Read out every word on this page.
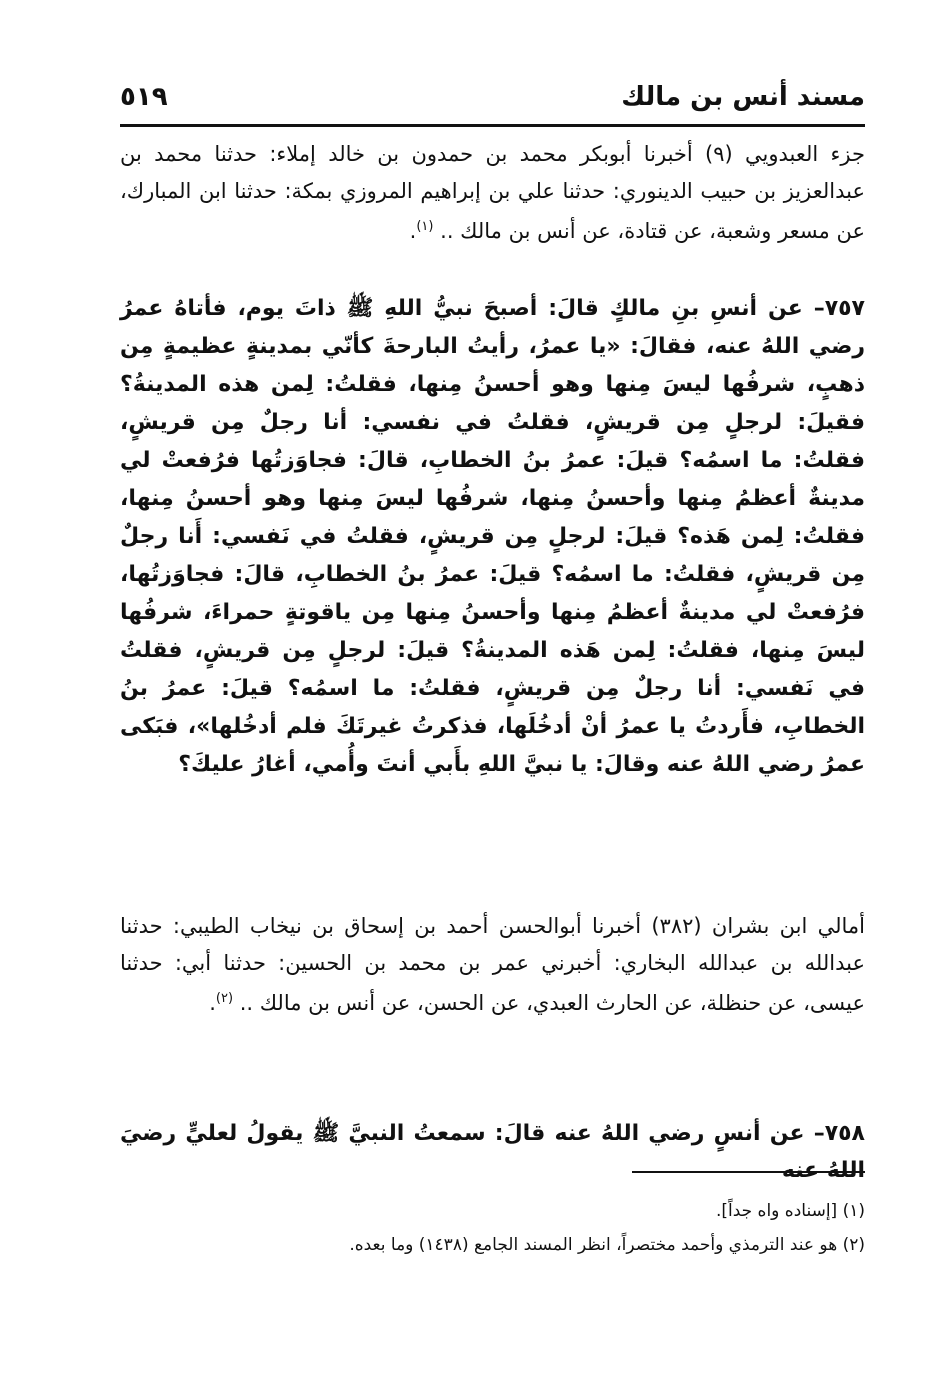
مسند أنس بن مالك
٥١٩
جزء العبدويي (٩) أخبرنا أبوبكر محمد بن حمدون بن خالد إملاء: حدثنا محمد بن عبدالعزيز بن حبيب الدينوري: حدثنا علي بن إبراهيم المروزي بمكة: حدثنا ابن المبارك، عن مسعر وشعبة، عن قتادة، عن أنس بن مالك .. $^{(١)}$.
٧٥٧– عن أنسِ بنِ مالكٍ قالَ: أصبحَ نبيُّ اللهِ ﷺ ذاتَ يوم، فأتاهُ عمرُ رضي اللهُ عنه، فقالَ: «يا عمرُ، رأيتُ البارحةَ كأنّي بمدينةٍ عظيمةٍ مِن ذهبٍ، شرفُها ليسَ مِنها وهو أحسنُ مِنها، فقلتُ: لِمن هذه المدينةُ؟ فقيلَ: لرجلٍ مِن قريشٍ، فقلتُ في نفسي: أنا رجلٌ مِن قريشٍ، فقلتُ: ما اسمُه؟ قيلَ: عمرُ بنُ الخطابِ، قالَ: فجاوَزتُها فرُفعتْ لي مدينةٌ أعظمُ مِنها وأحسنُ مِنها، شرفُها ليسَ مِنها وهو أحسنُ مِنها، فقلتُ: لِمن هَذه؟ قيلَ: لرجلٍ مِن قريشٍ، فقلتُ في نَفسي: أَنا رجلٌ مِن قريشٍ، فقلتُ: ما اسمُه؟ قيلَ: عمرُ بنُ الخطابِ، قالَ: فجاوَزتُها، فرُفعتْ لي مدينةٌ أعظمُ مِنها وأحسنُ مِنها مِن ياقوتةٍ حمراءَ، شرفُها ليسَ مِنها، فقلتُ: لِمن هَذه المدينةُ؟ قيلَ: لرجلٍ مِن قريشٍ، فقلتُ في نَفسي: أنا رجلٌ مِن قريشٍ، فقلتُ: ما اسمُه؟ قيلَ: عمرُ بنُ الخطابِ، فأَردتُ يا عمرُ أنْ أدخُلَها، فذكرتُ غيرتَكَ فلم أدخُلها»، فبَكى عمرُ رضي اللهُ عنه وقالَ: يا نبيَّ اللهِ بأَبي أنتَ وأُمي، أغارُ عليكَ؟
أمالي ابن بشران (٣٨٢) أخبرنا أبوالحسن أحمد بن إسحاق بن نيخاب الطيبي: حدثنا عبدالله بن عبدالله البخاري: أخبرني عمر بن محمد بن الحسين: حدثنا أبي: حدثنا عيسى، عن حنظلة، عن الحارث العبدي، عن الحسن، عن أنس بن مالك .. $^{(٢)}$.
٧٥٨– عن أنسٍ رضي اللهُ عنه قالَ: سمعتُ النبيَّ ﷺ يقولُ لعليٍّ رضيَ اللهُ عنه
(١) [إسناده واه جداً].
(٢) هو عند الترمذي وأحمد مختصراً، انظر المسند الجامع (١٤٣٨) وما بعده.
